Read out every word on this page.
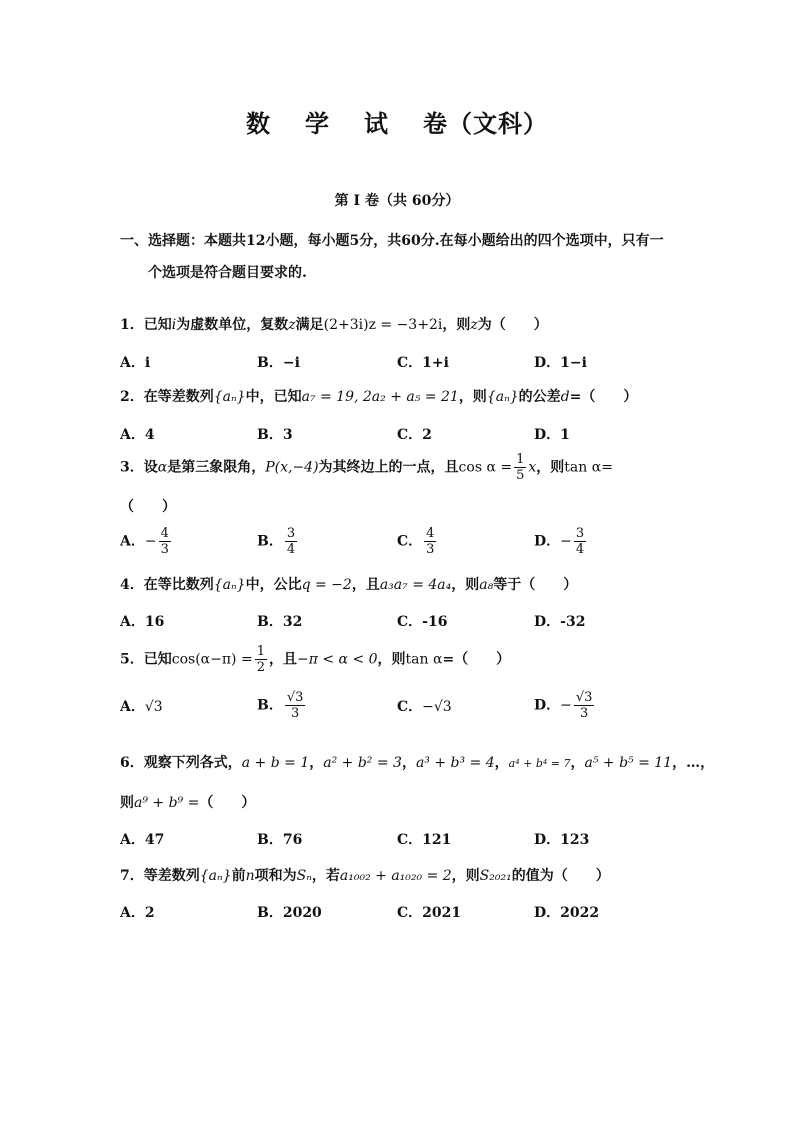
数 学 试 卷（文科）
第 I 卷（共 60分）
一、选择题：本题共12小题，每小题5分，共60分.在每小题给出的四个选项中，只有一
个选项是符合题目要求的.
1．已知i为虚数单位，复数z满足(2+3i)z = −3+2i，则z为（　　）
A．i	B．−i	C．1+i	D．1−i
2．在等差数列{aₙ}中，已知a₇ = 19, 2a₂ + a₅ = 21，则{aₙ}的公差d=（　　）
A．4	B．3	C．2	D．1
3．设α是第三象限角，P(x,−4)为其终边上的一点，且$\cos \alpha = \frac{1}{5}$ x，则tan α=
（　　）
A．− $\frac{4}{3}$	B． $\frac{3}{4}$	C． $\frac{4}{3}$	D．− $\frac{3}{4}$
4．在等比数列{aₙ}中，公比q = −2，且a₃a₇ = 4a₄，则a₈等于（　　）
A．16	B．32	C．-16	D．-32
5．已知$\cos(\alpha-\pi) = \frac{1}{2}$ ，且−π < α < 0，则tan α=（　　）
A．√3	B． $\frac{√3}{3}$	C．−√3	D．− $\frac{√3}{3}$
6．观察下列各式，a + b = 1，a² + b² = 3，a³ + b³ = 4，a⁴ + b⁴ = 7，a⁵ + b⁵ = 11，…，
则a⁹ + b⁹ =（　　）
A．47	B．76	C．121	D．123
7．等差数列{aₙ}前n项和为Sₙ，若a₁₀₀₂ + a₁₀₂₀ = 2，则S₂₀₂₁的值为（　　）
A．2	B．2020	C．2021	D．2022
